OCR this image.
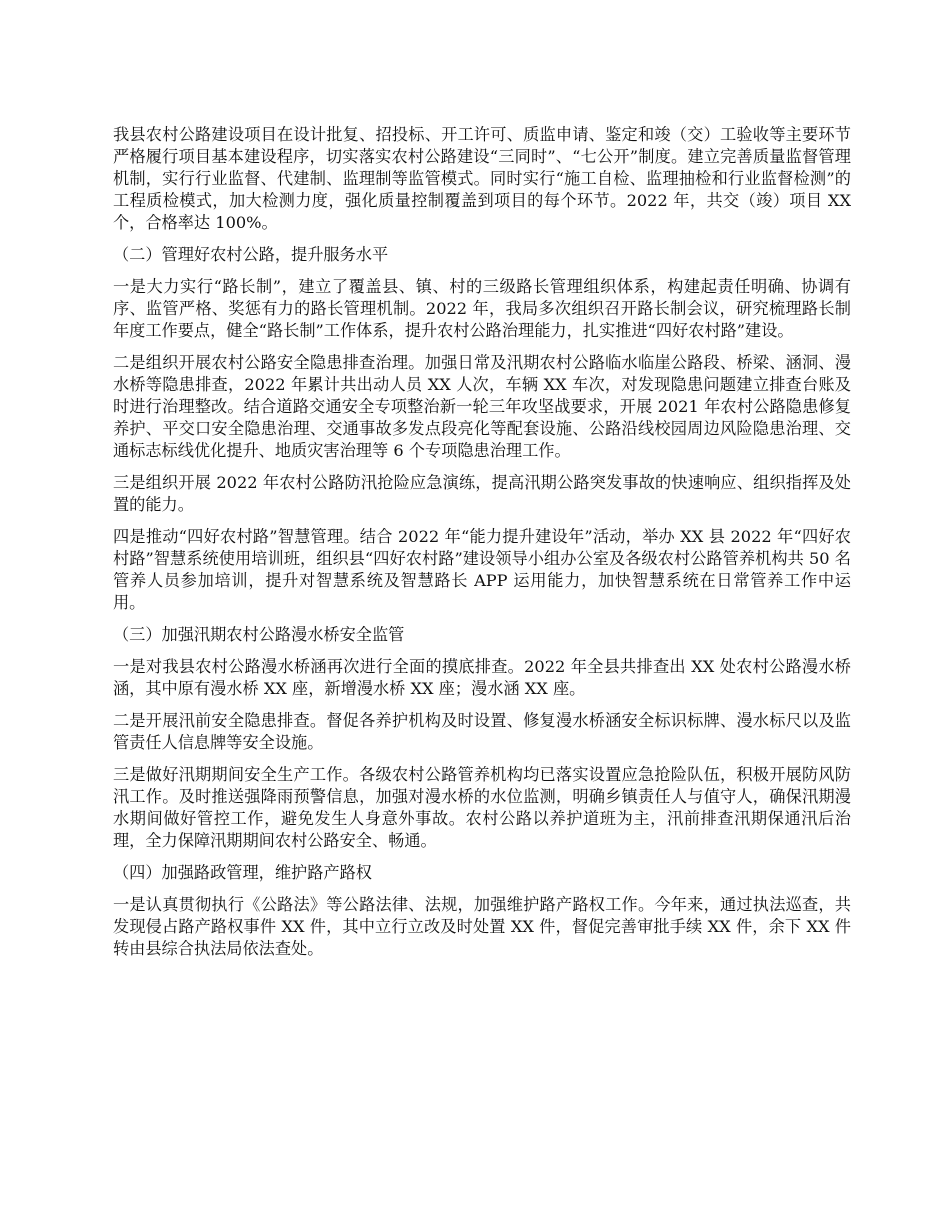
我县农村公路建设项目在设计批复、招投标、开工许可、质监申请、鉴定和竣（交）工验收等主要环节严格履行项目基本建设程序，切实落实农村公路建设“三同时”、“七公开”制度。建立完善质量监督管理机制，实行行业监督、代建制、监理制等监管模式。同时实行“施工自检、监理抽检和行业监督检测”的工程质检模式，加大检测力度，强化质量控制覆盖到项目的每个环节。2022 年，共交（竣）项目 XX 个，合格率达 100%。

（二）管理好农村公路，提升服务水平

一是大力实行“路长制”，建立了覆盖县、镇、村的三级路长管理组织体系，构建起责任明确、协调有序、监管严格、奖惩有力的路长管理机制。2022 年，我局多次组织召开路长制会议，研究梳理路长制年度工作要点，健全“路长制”工作体系，提升农村公路治理能力，扎实推进“四好农村路”建设。

二是组织开展农村公路安全隐患排查治理。加强日常及汛期农村公路临水临崖公路段、桥梁、涵洞、漫水桥等隐患排查，2022 年累计共出动人员 XX 人次，车辆 XX 车次，对发现隐患问题建立排查台账及时进行治理整改。结合道路交通安全专项整治新一轮三年攻坚战要求，开展 2021 年农村公路隐患修复养护、平交口安全隐患治理、交通事故多发点段亮化等配套设施、公路沿线校园周边风险隐患治理、交通标志标线优化提升、地质灾害治理等 6 个专项隐患治理工作。

三是组织开展 2022 年农村公路防汛抢险应急演练，提高汛期公路突发事故的快速响应、组织指挥及处置的能力。

四是推动“四好农村路”智慧管理。结合 2022 年“能力提升建设年”活动，举办 XX 县 2022 年“四好农村路”智慧系统使用培训班，组织县“四好农村路”建设领导小组办公室及各级农村公路管养机构共 50 名管养人员参加培训，提升对智慧系统及智慧路长 APP 运用能力，加快智慧系统在日常管养工作中运用。

（三）加强汛期农村公路漫水桥安全监管

一是对我县农村公路漫水桥涵再次进行全面的摸底排查。2022 年全县共排查出 XX 处农村公路漫水桥涵，其中原有漫水桥 XX 座，新增漫水桥 XX 座；漫水涵 XX 座。

二是开展汛前安全隐患排查。督促各养护机构及时设置、修复漫水桥涵安全标识标牌、漫水标尺以及监管责任人信息牌等安全设施。

三是做好汛期期间安全生产工作。各级农村公路管养机构均已落实设置应急抢险队伍，积极开展防风防汛工作。及时推送强降雨预警信息，加强对漫水桥的水位监测，明确乡镇责任人与值守人，确保汛期漫水期间做好管控工作，避免发生人身意外事故。农村公路以养护道班为主，汛前排查汛期保通汛后治理，全力保障汛期期间农村公路安全、畅通。

（四）加强路政管理，维护路产路权

一是认真贯彻执行《公路法》等公路法律、法规，加强维护路产路权工作。今年来，通过执法巡查，共发现侵占路产路权事件 XX 件，其中立行立改及时处置 XX 件，督促完善审批手续 XX 件，余下 XX 件转由县综合执法局依法查处。
